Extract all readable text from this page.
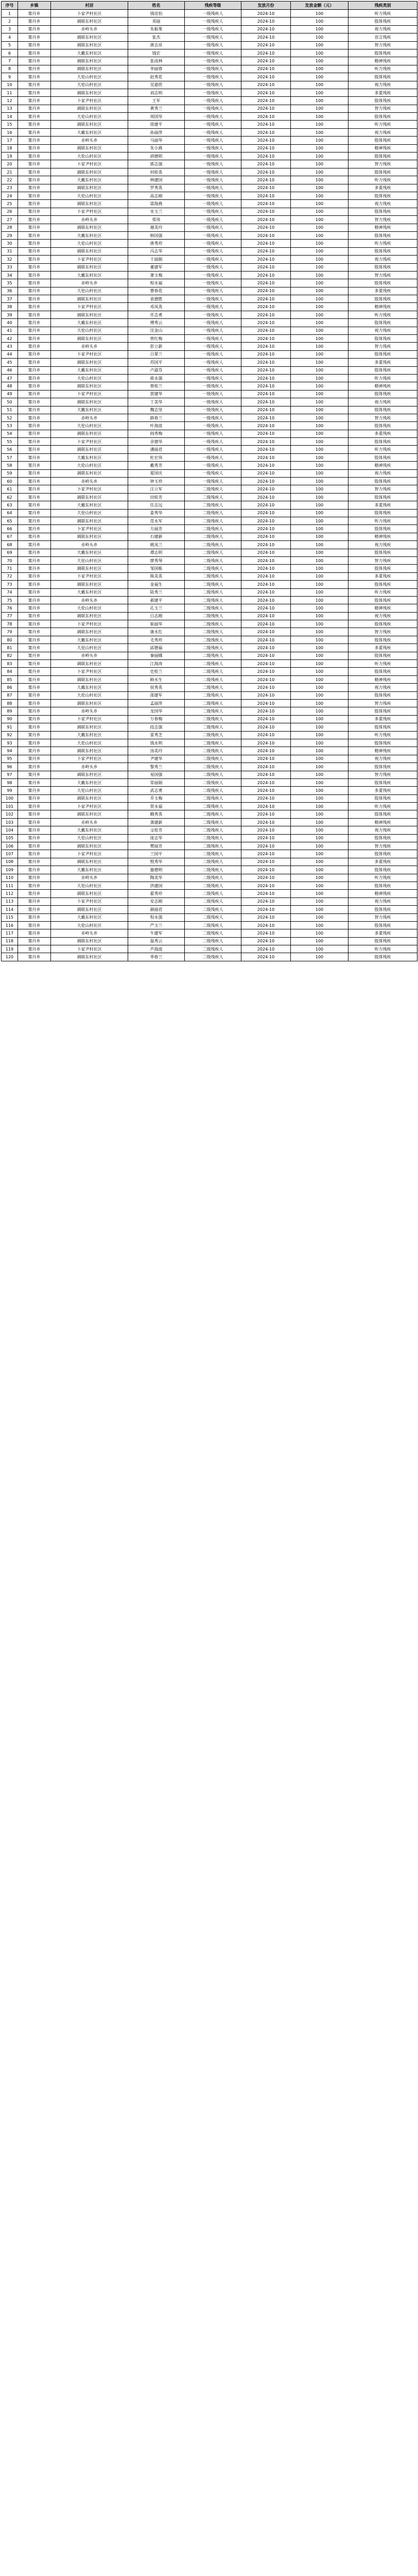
序号	乡镇	村居	姓名	残疾等级	发放月份	发放金额（元）	残疾类别
1	策丹乡	卜家尹村社区	钱佳怡	一级残疾人	2024-10	100	听力残疾
2	策丹乡	调联东村社区	邓丽	一级残疾人	2024-10	100	肢体残疾
3	策丹乡	赤岭头乡	朱振果	一级残疾人	2024-10	100	视力残疾
4	策丹乡	调联东村社区	张杰	一级残疾人	2024-10	100	语言残疾
5	策丹乡	调联东村社区	唐志亮	一级残疾人	2024-10	100	智力残疾
6	策丹乡	大戴东村社区	钱宏	一级残疾人	2024-10	100	肢体残疾
7	策丹乡	调联东村社区	张成林	一级残疾人	2024-10	100	精神残疾
8	策丹乡	调联东村社区	李丽蓉	一级残疾人	2024-10	100	听力残疾
9	策丹乡	大伦山村社区	赵秀花	一级残疾人	2024-10	100	肢体残疾
10	策丹乡	大伦山村社区	吴嘉欣	一级残疾人	2024-10	100	视力残疾
11	策丹乡	调联东村社区	刘志明	一级残疾人	2024-10	100	多重残疾
12	策丹乡	卜家尹村社区	王军	一级残疾人	2024-10	100	肢体残疾
13	策丹乡	调联东村社区	黄秀兰	一级残疾人	2024-10	100	智力残疾
14	策丹乡	大伦山村社区	周国华	一级残疾人	2024-10	100	肢体残疾
15	策丹乡	调联东村社区	徐建平	一级残疾人	2024-10	100	听力残疾
16	策丹乡	大戴东村社区	孙丽萍	一级残疾人	2024-10	100	视力残疾
17	策丹乡	赤岭头乡	马丽华	一级残疾人	2024-10	100	肢体残疾
18	策丹乡	调联东村社区	朱小燕	一级残疾人	2024-10	100	精神残疾
19	策丹乡	大伦山村社区	胡德明	一级残疾人	2024-10	100	肢体残疾
20	策丹乡	卜家尹村社区	郭志强	一级残疾人	2024-10	100	智力残疾
21	策丹乡	调联东村社区	何桂英	一级残疾人	2024-10	100	肢体残疾
22	策丹乡	大戴东村社区	林建国	一级残疾人	2024-10	100	听力残疾
23	策丹乡	调联东村社区	罗秀英	一级残疾人	2024-10	100	多重残疾
24	策丹乡	大伦山村社区	高志刚	一级残疾人	2024-10	100	肢体残疾
25	策丹乡	调联东村社区	梁海燕	一级残疾人	2024-10	100	视力残疾
26	策丹乡	卜家尹村社区	宋玉兰	一级残疾人	2024-10	100	肢体残疾
27	策丹乡	赤岭头乡	郑伟	一级残疾人	2024-10	100	智力残疾
28	策丹乡	调联东村社区	谢美玲	一级残疾人	2024-10	100	精神残疾
29	策丹乡	大戴东村社区	韩国强	一级残疾人	2024-10	100	肢体残疾
30	策丹乡	大伦山村社区	唐秀珍	一级残疾人	2024-10	100	听力残疾
31	策丹乡	调联东村社区	冯志华	一级残疾人	2024-10	100	肢体残疾
32	策丹乡	卜家尹村社区	于丽娟	一级残疾人	2024-10	100	视力残疾
33	策丹乡	调联东村社区	董建军	一级残疾人	2024-10	100	肢体残疾
34	策丹乡	大戴东村社区	萧玉梅	一级残疾人	2024-10	100	智力残疾
35	策丹乡	赤岭头乡	程永福	一级残疾人	2024-10	100	肢体残疾
36	策丹乡	大伦山村社区	曹春花	一级残疾人	2024-10	100	多重残疾
37	策丹乡	调联东村社区	袁德胜	一级残疾人	2024-10	100	肢体残疾
38	策丹乡	卜家尹村社区	邓凤英	一级残疾人	2024-10	100	精神残疾
39	策丹乡	调联东村社区	许志勇	一级残疾人	2024-10	100	听力残疾
40	策丹乡	大戴东村社区	傅秀云	一级残疾人	2024-10	100	肢体残疾
41	策丹乡	大伦山村社区	沈金山	一级残疾人	2024-10	100	视力残疾
42	策丹乡	调联东村社区	曾红梅	一级残疾人	2024-10	100	肢体残疾
43	策丹乡	赤岭头乡	彭立新	一级残疾人	2024-10	100	智力残疾
44	策丹乡	卜家尹村社区	吕翠兰	一级残疾人	2024-10	100	肢体残疾
45	策丹乡	调联东村社区	苏国平	一级残疾人	2024-10	100	多重残疾
46	策丹乡	大戴东村社区	卢淑芬	一级残疾人	2024-10	100	肢体残疾
47	策丹乡	大伦山村社区	蒋永强	一级残疾人	2024-10	100	听力残疾
48	策丹乡	调联东村社区	蔡桂兰	一级残疾人	2024-10	100	精神残疾
49	策丹乡	卜家尹村社区	贾建华	一级残疾人	2024-10	100	肢体残疾
50	策丹乡	调联东村社区	丁美华	一级残疾人	2024-10	100	视力残疾
51	策丹乡	大戴东村社区	魏志坚	一级残疾人	2024-10	100	肢体残疾
52	策丹乡	赤岭头乡	薛春兰	一级残疾人	2024-10	100	智力残疾
53	策丹乡	大伦山村社区	叶海波	一级残疾人	2024-10	100	肢体残疾
54	策丹乡	调联东村社区	阎秀梅	一级残疾人	2024-10	100	多重残疾
55	策丹乡	卜家尹村社区	余德华	一级残疾人	2024-10	100	肢体残疾
56	策丹乡	调联东村社区	潘丽君	一级残疾人	2024-10	100	听力残疾
57	策丹乡	大戴东村社区	杜宏伟	一级残疾人	2024-10	100	肢体残疾
58	策丹乡	大伦山村社区	戴秀芳	一级残疾人	2024-10	100	精神残疾
59	策丹乡	调联东村社区	夏国庆	一级残疾人	2024-10	100	视力残疾
60	策丹乡	赤岭头乡	钟玉珍	一级残疾人	2024-10	100	肢体残疾
61	策丹乡	卜家尹村社区	汪立军	二级残疾人	2024-10	100	智力残疾
62	策丹乡	调联东村社区	田桂芳	二级残疾人	2024-10	100	肢体残疾
63	策丹乡	大戴东村社区	任志远	二级残疾人	2024-10	100	多重残疾
64	策丹乡	大伦山村社区	姜秀华	二级残疾人	2024-10	100	肢体残疾
65	策丹乡	调联东村社区	范永军	二级残疾人	2024-10	100	听力残疾
66	策丹乡	卜家尹村社区	方丽芳	二级残疾人	2024-10	100	肢体残疾
67	策丹乡	调联东村社区	石建新	二级残疾人	2024-10	100	精神残疾
68	策丹乡	赤岭头乡	姚凤兰	二级残疾人	2024-10	100	视力残疾
69	策丹乡	大戴东村社区	谭志明	二级残疾人	2024-10	100	肢体残疾
70	策丹乡	大伦山村社区	廖秀琴	二级残疾人	2024-10	100	智力残疾
71	策丹乡	调联东村社区	邹国栋	二级残疾人	2024-10	100	肢体残疾
72	策丹乡	卜家尹村社区	熊美英	二级残疾人	2024-10	100	多重残疾
73	策丹乡	调联东村社区	金福生	二级残疾人	2024-10	100	肢体残疾
74	策丹乡	大戴东村社区	陆秀兰	二级残疾人	2024-10	100	听力残疾
75	策丹乡	赤岭头乡	郝建平	二级残疾人	2024-10	100	肢体残疾
76	策丹乡	大伦山村社区	孔玉兰	二级残疾人	2024-10	100	精神残疾
77	策丹乡	调联东村社区	白志刚	二级残疾人	2024-10	100	视力残疾
78	策丹乡	卜家尹村社区	崔丽华	二级残疾人	2024-10	100	肢体残疾
79	策丹乡	调联东村社区	康永红	二级残疾人	2024-10	100	智力残疾
80	策丹乡	大戴东村社区	毛秀珍	二级残疾人	2024-10	100	肢体残疾
81	策丹乡	大伦山村社区	邱德福	二级残疾人	2024-10	100	多重残疾
82	策丹乡	赤岭头乡	秦丽娜	二级残疾人	2024-10	100	肢体残疾
83	策丹乡	调联东村社区	江海涛	二级残疾人	2024-10	100	听力残疾
84	策丹乡	卜家尹村社区	史桂兰	二级残疾人	2024-10	100	肢体残疾
85	策丹乡	调联东村社区	顾永生	二级残疾人	2024-10	100	精神残疾
86	策丹乡	大戴东村社区	侯秀英	二级残疾人	2024-10	100	视力残疾
87	策丹乡	大伦山村社区	邵建军	二级残疾人	2024-10	100	肢体残疾
88	策丹乡	调联东村社区	孟丽萍	二级残疾人	2024-10	100	智力残疾
89	策丹乡	赤岭头乡	龙国华	二级残疾人	2024-10	100	肢体残疾
90	策丹乡	卜家尹村社区	万春梅	二级残疾人	2024-10	100	多重残疾
91	策丹乡	调联东村社区	段志强	二级残疾人	2024-10	100	肢体残疾
92	策丹乡	大戴东村社区	雷秀芝	二级残疾人	2024-10	100	听力残疾
93	策丹乡	大伦山村社区	钱永明	二级残疾人	2024-10	100	肢体残疾
94	策丹乡	调联东村社区	汤美玲	二级残疾人	2024-10	100	精神残疾
95	策丹乡	卜家尹村社区	尹建华	二级残疾人	2024-10	100	视力残疾
96	策丹乡	赤岭头乡	黎秀兰	二级残疾人	2024-10	100	肢体残疾
97	策丹乡	调联东村社区	易国强	二级残疾人	2024-10	100	智力残疾
98	策丹乡	大戴东村社区	常丽娟	二级残疾人	2024-10	100	肢体残疾
99	策丹乡	大伦山村社区	武志勇	二级残疾人	2024-10	100	多重残疾
100	策丹乡	调联东村社区	乔玉梅	二级残疾人	2024-10	100	肢体残疾
101	策丹乡	卜家尹村社区	贺永福	二级残疾人	2024-10	100	听力残疾
102	策丹乡	调联东村社区	赖秀英	二级残疾人	2024-10	100	肢体残疾
103	策丹乡	赤岭头乡	龚建新	二级残疾人	2024-10	100	精神残疾
104	策丹乡	大戴东村社区	文桂芳	二级残疾人	2024-10	100	视力残疾
105	策丹乡	大伦山村社区	庞志华	二级残疾人	2024-10	100	肢体残疾
106	策丹乡	调联东村社区	樊丽芳	二级残疾人	2024-10	100	智力残疾
107	策丹乡	卜家尹村社区	兰国平	二级残疾人	2024-10	100	肢体残疾
108	策丹乡	调联东村社区	殷秀华	二级残疾人	2024-10	100	多重残疾
109	策丹乡	大戴东村社区	施德明	二级残疾人	2024-10	100	肢体残疾
110	策丹乡	赤岭头乡	陶美华	二级残疾人	2024-10	100	听力残疾
111	策丹乡	大伦山村社区	洪建国	二级残疾人	2024-10	100	肢体残疾
112	策丹乡	调联东村社区	翟秀珍	二级残疾人	2024-10	100	精神残疾
113	策丹乡	卜家尹村社区	安志刚	二级残疾人	2024-10	100	视力残疾
114	策丹乡	调联东村社区	颜丽君	二级残疾人	2024-10	100	肢体残疾
115	策丹乡	大戴东村社区	倪永强	二级残疾人	2024-10	100	智力残疾
116	策丹乡	大伦山村社区	严玉兰	二级残疾人	2024-10	100	肢体残疾
117	策丹乡	赤岭头乡	牛建军	二级残疾人	2024-10	100	多重残疾
118	策丹乡	调联东村社区	温秀云	二级残疾人	2024-10	100	肢体残疾
119	策丹乡	卜家尹村社区	芦海波	二级残疾人	2024-10	100	听力残疾
120	策丹乡	调联东村社区	季春兰	二级残疾人	2024-10	100	肢体残疾
